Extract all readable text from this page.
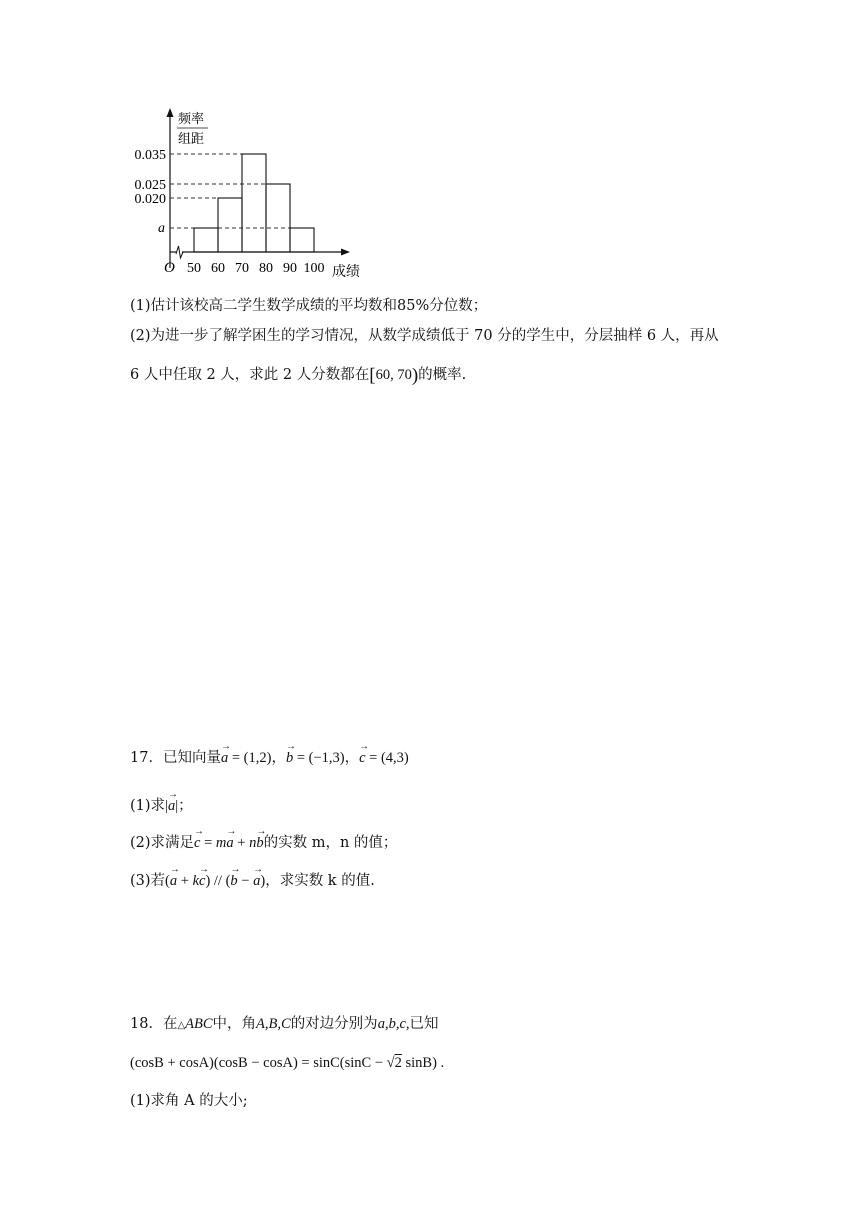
频率
组距
0.035
0.025
0.020
a
O 50 60 70 80 90 100 成绩
(1)估计该校高二学生数学成绩的平均数和85%分位数；
(2)为进一步了解学困生的学习情况，从数学成绩低于 70 分的学生中，分层抽样 6 人，再从
6 人中任取 2 人，求此 2 人分数都在[60, 70)的概率.
17．已知向量→ a = (1,2)，→ b = (−1,3)，→ c = (4,3)
(1)求|→ a|；
(2)求满足→ c = m→ a + n→ b的实数 m，n 的值；
(3)若(→ a + k→ c) // (→ b − → a)，求实数 k 的值.
18．在△ABC中，角A,B,C的对边分别为a,b,c,已知
(cosB + cosA)(cosB − cosA) = sinC(sinC − √2 sinB) .
(1)求角 A 的大小;
